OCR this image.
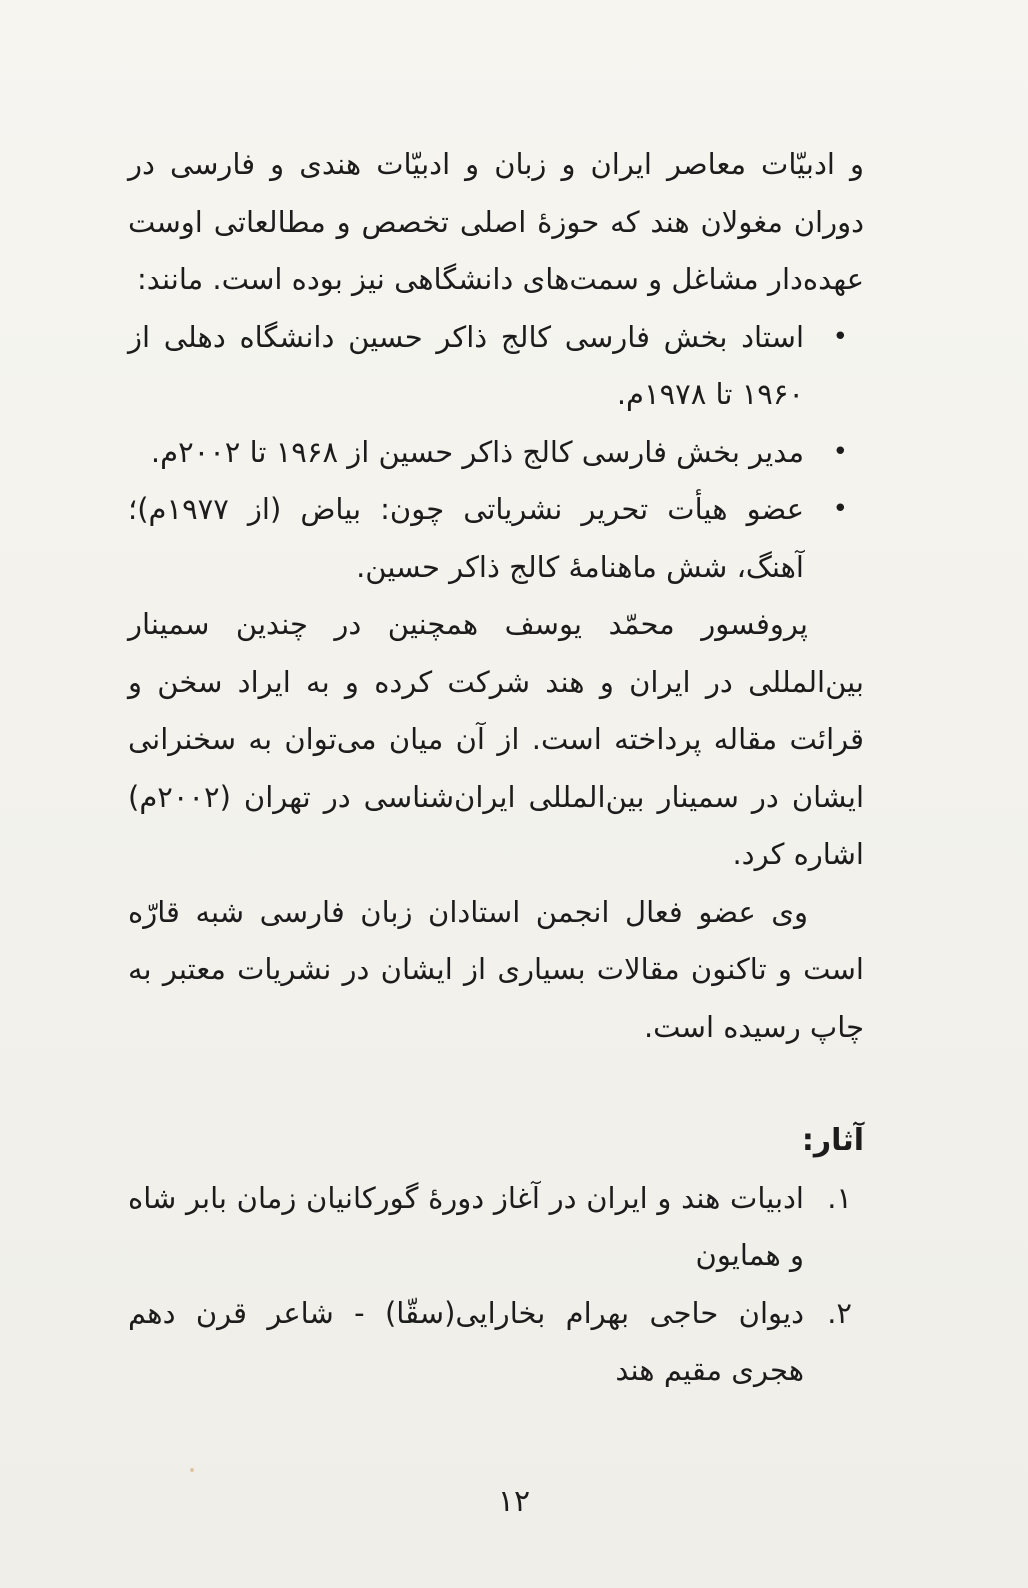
و ادبیّات معاصر ایران و زبان و ادبیّات هندی و فارسی در دوران مغولان هند که حوزهٔ اصلی تخصص و مطالعاتی اوست عهده‌دار مشاغل و سمت‌های دانشگاهی نیز بوده است. مانند:

• استاد بخش فارسی کالج ذاکر حسین دانشگاه دهلی از ۱۹۶۰ تا ۱۹۷۸م.
• مدیر بخش فارسی کالج ذاکر حسین از ۱۹۶۸ تا ۲۰۰۲م.
• عضو هیأت تحریر نشریاتی چون: بیاض (از ۱۹۷۷م)؛ آهنگ، شش ماهنامهٔ کالج ذاکر حسین.

پروفسور محمّد یوسف همچنین در چندین سمینار بین‌المللی در ایران و هند شرکت کرده و به ایراد سخن و قرائت مقاله پرداخته است. از آن میان می‌توان به سخنرانی ایشان در سمینار بین‌المللی ایران‌شناسی در تهران (۲۰۰۲م) اشاره کرد.

وی عضو فعال انجمن استادان زبان فارسی شبه قارّه است و تاکنون مقالات بسیاری از ایشان در نشریات معتبر به چاپ رسیده است.

آثار:

۱.
ادبیات هند و ایران در آغاز دورهٔ گورکانیان زمان بابر شاه و همایون
۲.
دیوان حاجی بهرام بخارایی(سقّا) - شاعر قرن دهم هجری مقیم هند
۱۲
